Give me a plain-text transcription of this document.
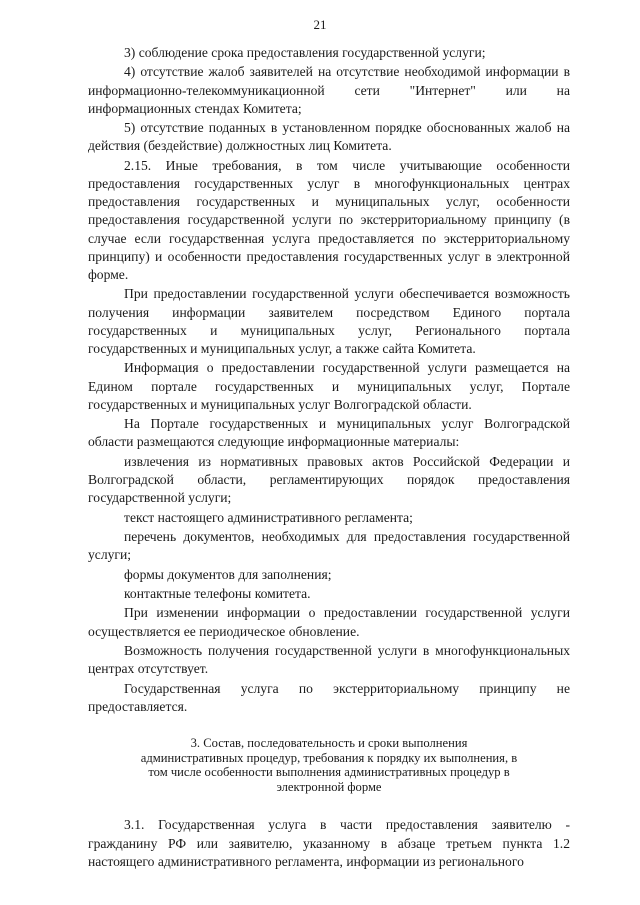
21

3) соблюдение срока предоставления государственной услуги;

4) отсутствие жалоб заявителей на отсутствие необходимой информации в информационно-телекоммуникационной сети "Интернет" или на информационных стендах Комитета;

5) отсутствие поданных в установленном порядке обоснованных жалоб на действия (бездействие) должностных лиц Комитета.

2.15. Иные требования, в том числе учитывающие особенности предоставления государственных услуг в многофункциональных центрах предоставления государственных и муниципальных услуг, особенности предоставления государственной услуги по экстерриториальному принципу (в случае если государственная услуга предоставляется по экстерриториальному принципу) и особенности предоставления государственных услуг в электронной форме.

При предоставлении государственной услуги обеспечивается возможность получения информации заявителем посредством Единого портала государственных и муниципальных услуг, Регионального портала государственных и муниципальных услуг, а также сайта Комитета.

Информация о предоставлении государственной услуги размещается на Едином портале государственных и муниципальных услуг, Портале государственных и муниципальных услуг Волгоградской области.

На Портале государственных и муниципальных услуг Волгоградской области размещаются следующие информационные материалы:

извлечения из нормативных правовых актов Российской Федерации и Волгоградской области, регламентирующих порядок предоставления государственной услуги;

текст настоящего административного регламента;

перечень документов, необходимых для предоставления государственной услуги;

формы документов для заполнения;

контактные телефоны комитета.

При изменении информации о предоставлении государственной услуги осуществляется ее периодическое обновление.

Возможность получения государственной услуги в многофункциональных центрах отсутствует.

Государственная услуга по экстерриториальному принципу не предоставляется.

3. Состав, последовательность и сроки выполнения административных процедур, требования к порядку их выполнения, в том числе особенности выполнения административных процедур в электронной форме

3.1. Государственная услуга в части предоставления заявителю - гражданину РФ или заявителю, указанному в абзаце третьем пункта 1.2 настоящего административного регламента, информации из регионального
